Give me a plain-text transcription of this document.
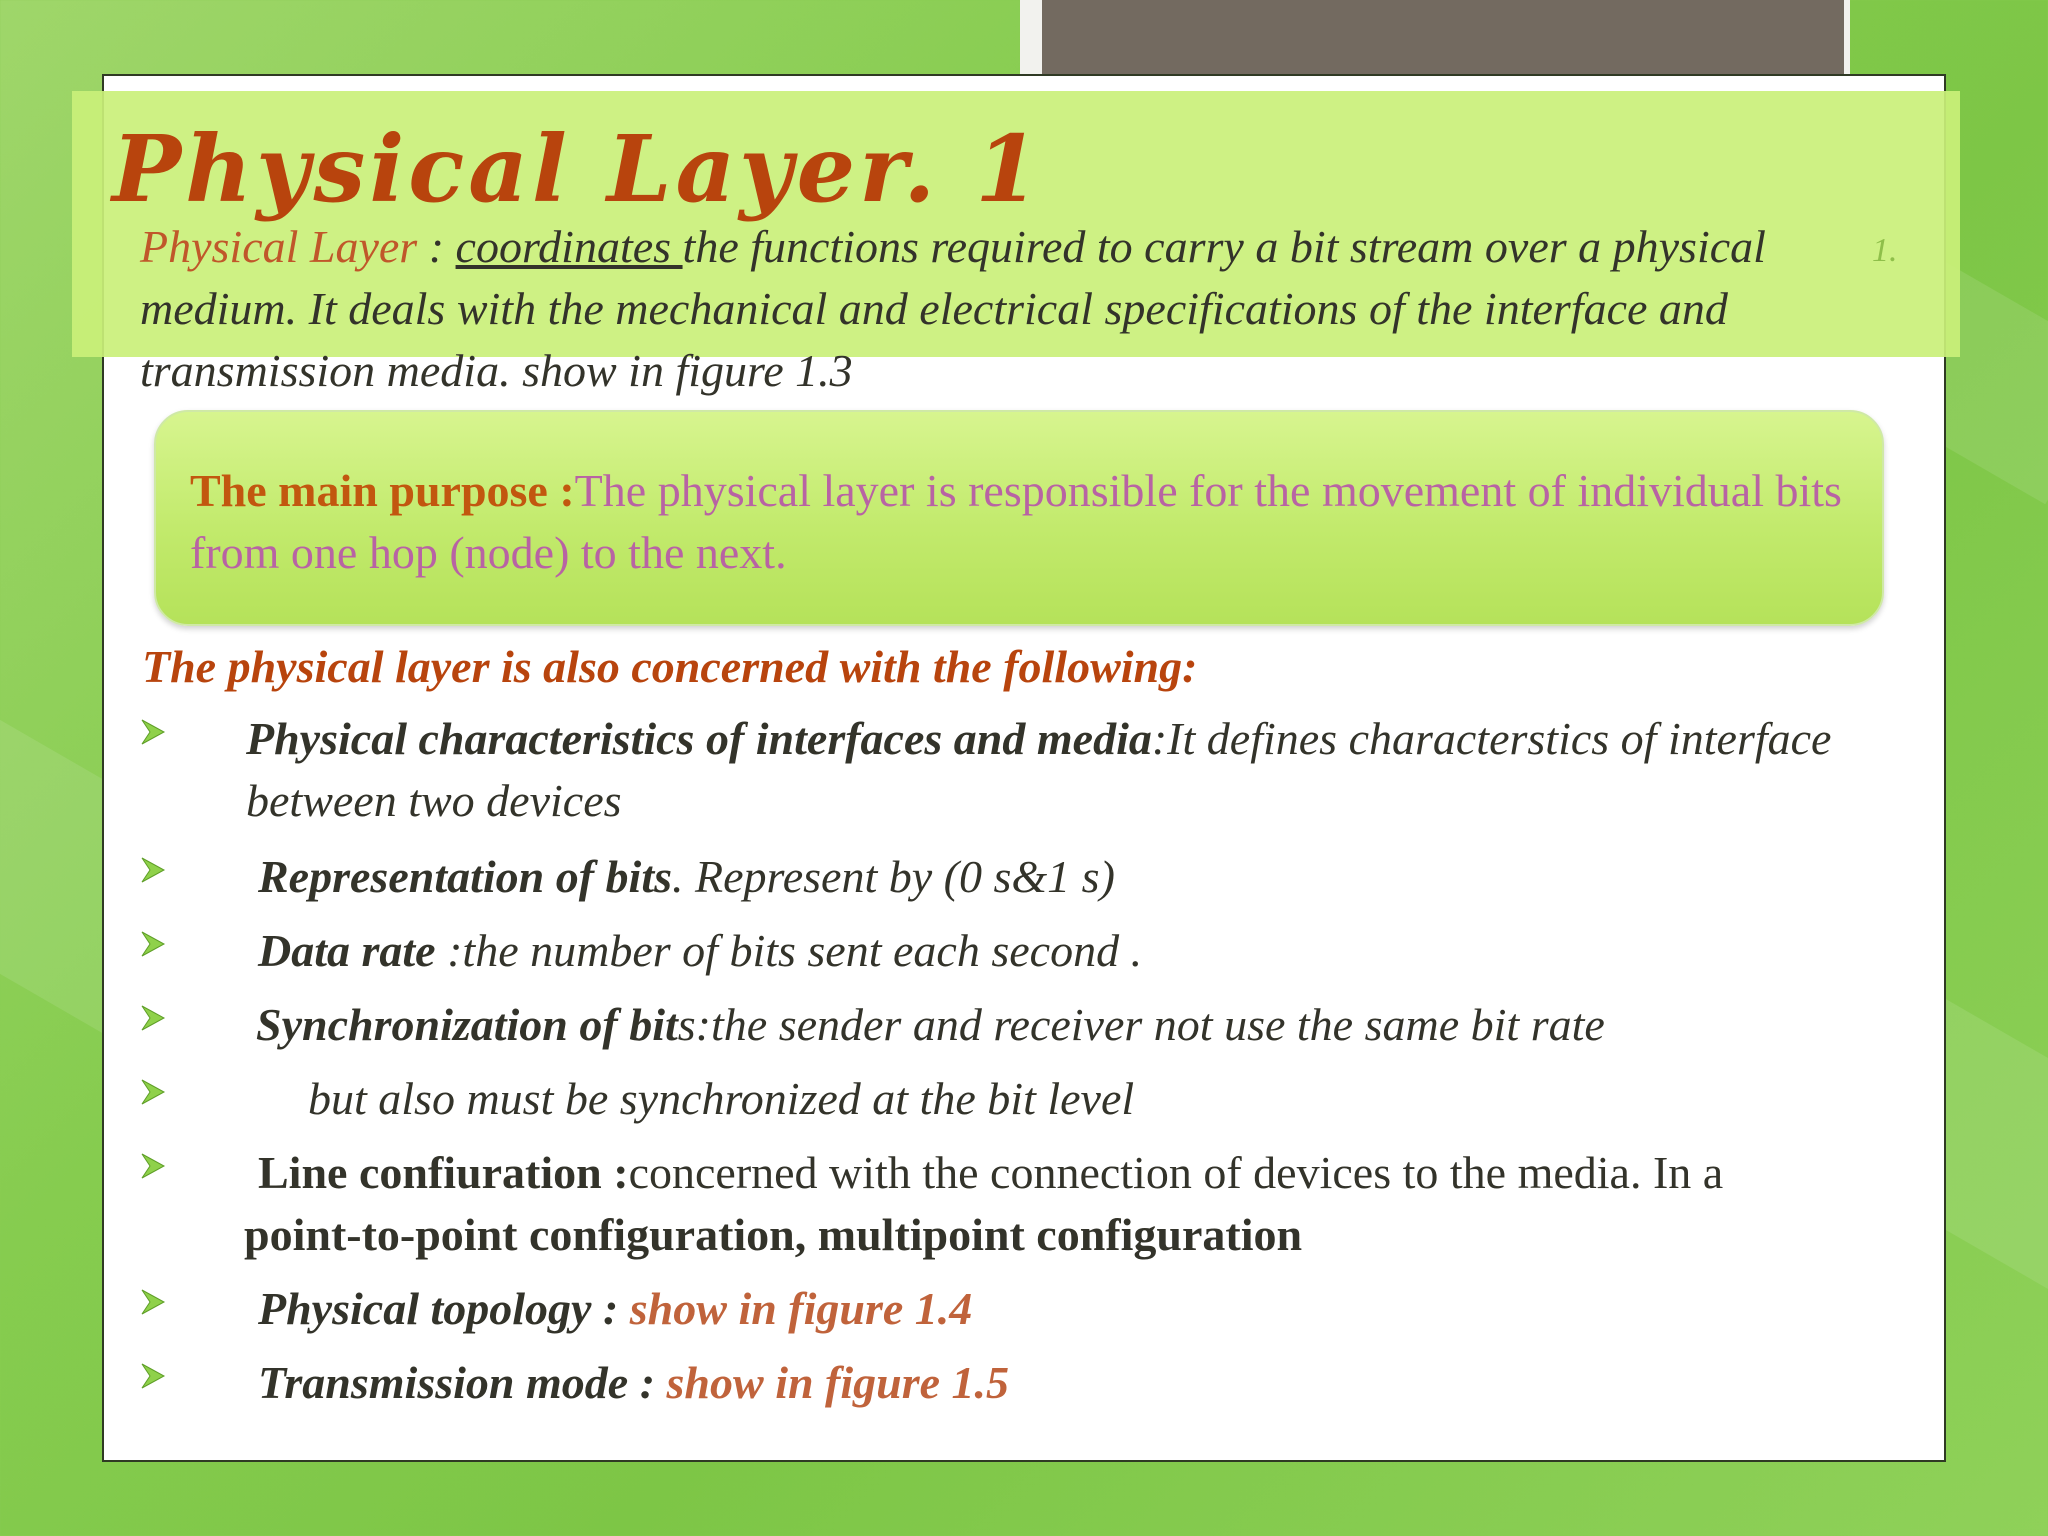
Physical Layer. 1
1.

Physical Layer : coordinates the functions required to carry a bit stream over a physical medium. It deals with the mechanical and electrical specifications of the interface and transmission media. show in figure 1.3

The main purpose :The physical layer is responsible for the movement of individual bits from one hop (node) to the next.

The physical layer is also concerned with the following:

Physical characteristics of interfaces and media:It defines characterstics of interface between two devices
Representation of bits. Represent by (0 s&1 s)
Data rate :the number of bits sent each second .
Synchronization of bits:the sender and receiver not use the same bit rate
but also must be synchronized at the bit level
Line confiuration :concerned with the connection of devices to the media. In a
point-to-point configuration, multipoint configuration
Physical topology : show in figure 1.4
Transmission mode : show in figure 1.5
